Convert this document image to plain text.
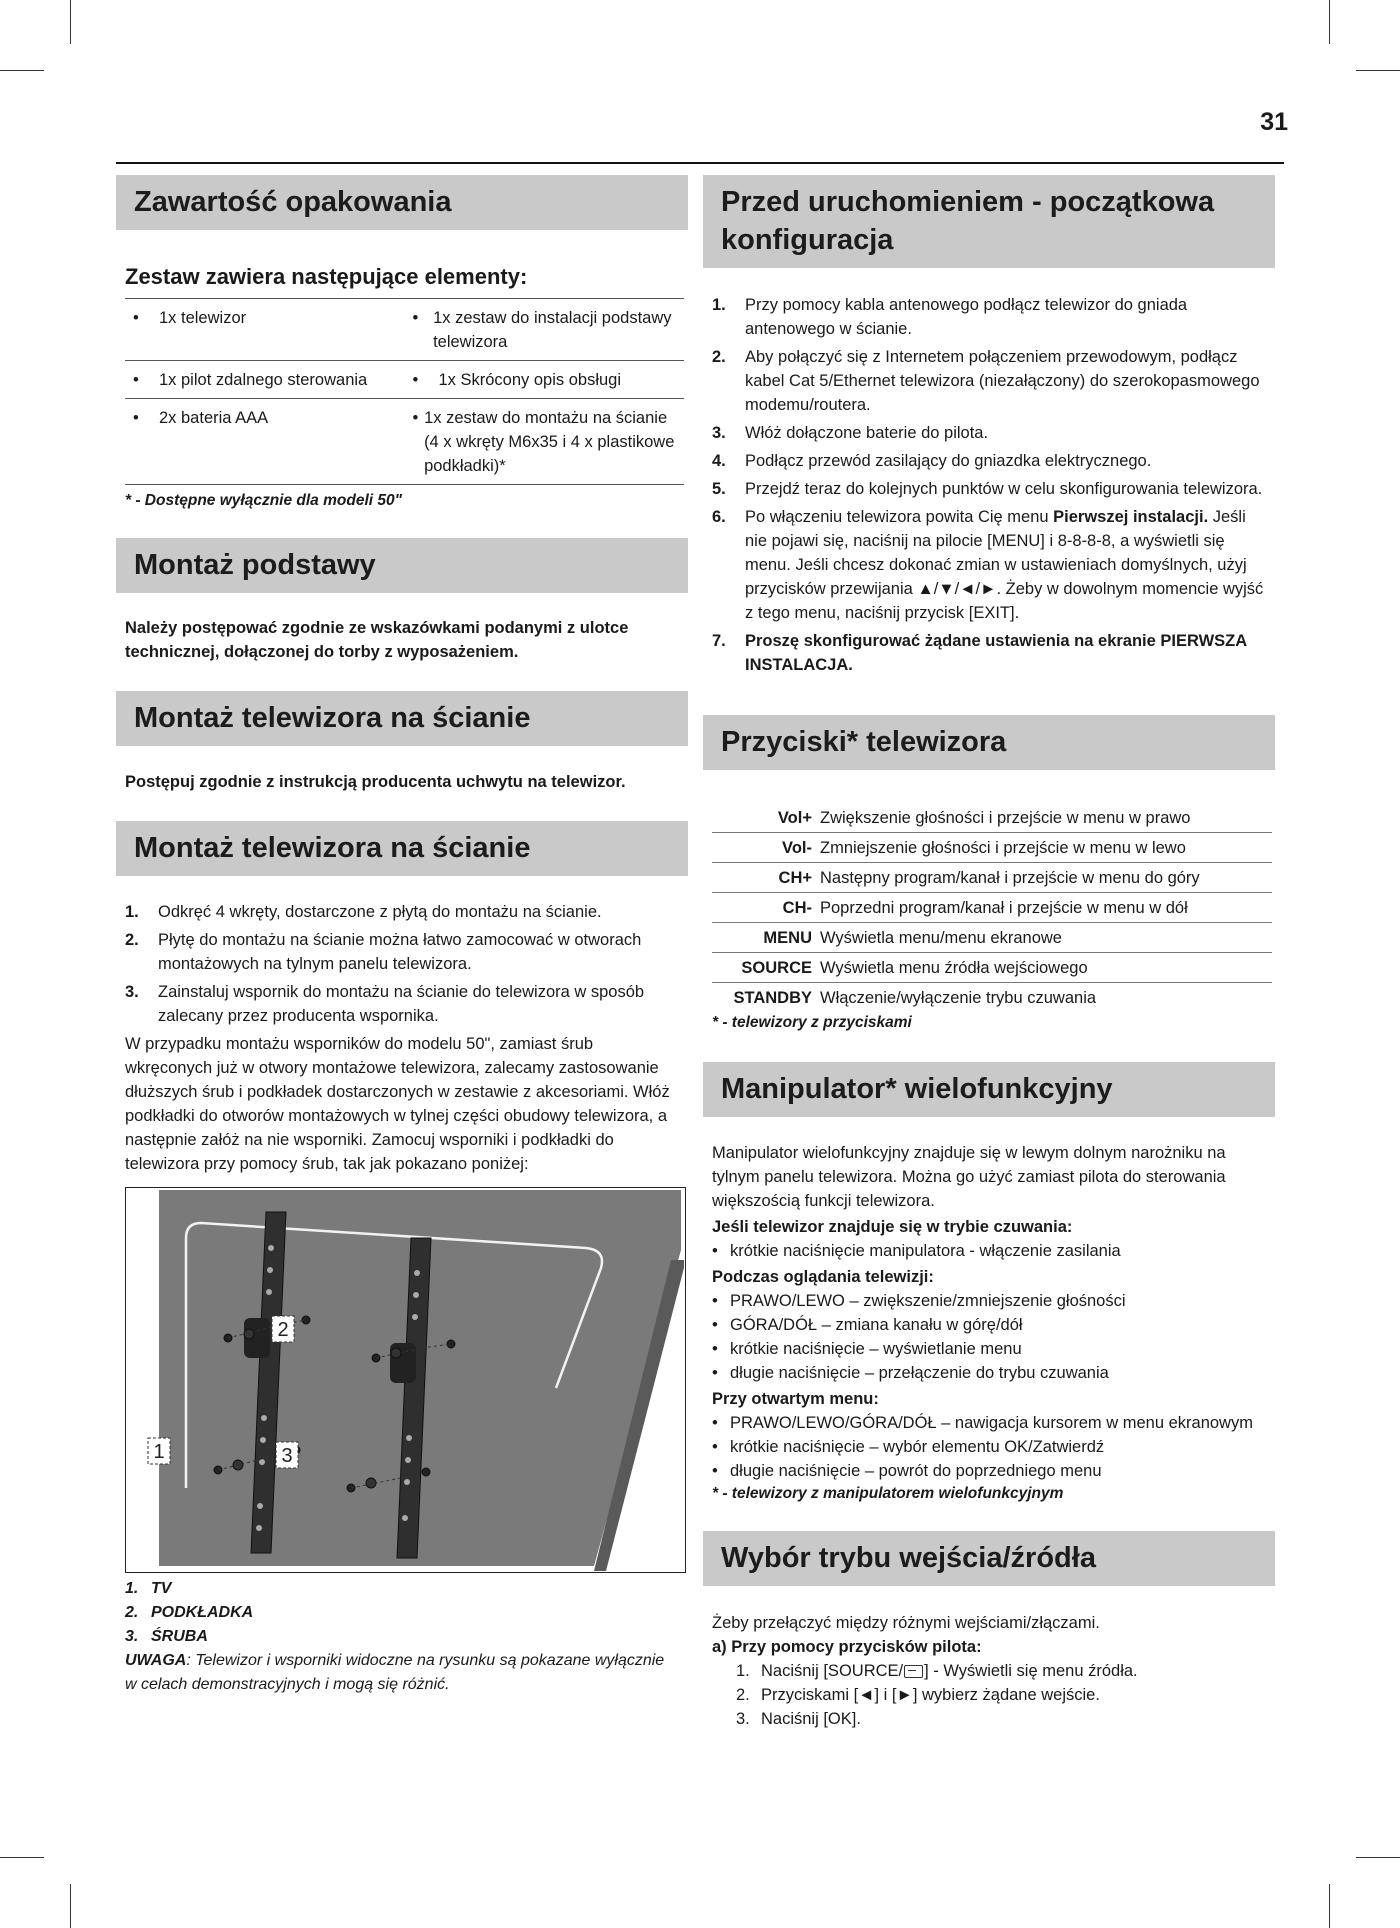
31
Zawartość opakowania
Zestaw zawiera następujące elementy:
• 1x telewizor	• 1x zestaw do instalacji podstawy telewizora

• 1x pilot zdalnego sterowania	• 1x Skrócony opis obsługi

• 2x bateria AAA	• 1x zestaw do montażu na ścianie (4 x wkręty M6x35 i 4 x plastikowe podkładki)*
* - Dostępne wyłącznie dla modeli 50"
Montaż podstawy
Należy postępować zgodnie ze wskazówkami podanymi z ulotce technicznej, dołączonej do torby z wyposażeniem.
Montaż telewizora na ścianie
Postępuj zgodnie z instrukcją producenta uchwytu na telewizor.
Montaż telewizora na ścianie
1.	Odkręć 4 wkręty, dostarczone z płytą do montażu na ścianie.
2.	Płytę do montażu na ścianie można łatwo zamocować w otworach montażowych na tylnym panelu telewizora.
3.	Zainstaluj wspornik do montażu na ścianie do telewizora w sposób zalecany przez producenta wspornika.
W przypadku montażu wsporników do modelu 50", zamiast śrub wkręconych już w otwory montażowe telewizora, zalecamy zastosowanie dłuższych śrub i podkładek dostarczonych w zestawie z akcesoriami. Włóż podkładki do otworów montażowych w tylnej części obudowy telewizora, a następnie załóż na nie wsporniki. Zamocuj wsporniki i podkładki do telewizora przy pomocy śrub, tak jak pokazano poniżej:
2
1	3
1. TV
2. PODKŁADKA
3. ŚRUBA
UWAGA: Telewizor i wsporniki widoczne na rysunku są pokazane wyłącznie w celach demonstracyjnych i mogą się różnić.
Przed uruchomieniem - początkowa konfiguracja
1.	Przy pomocy kabla antenowego podłącz telewizor do gniada antenowego w ścianie.
2.	Aby połączyć się z Internetem połączeniem przewodowym, podłącz kabel Cat 5/Ethernet telewizora (niezałączony) do szerokopasmowego modemu/routera.
3.	Włóż dołączone baterie do pilota.
4.	Podłącz przewód zasilający do gniazdka elektrycznego.
5.	Przejdź teraz do kolejnych punktów w celu skonfigurowania telewizora.
6.	Po włączeniu telewizora powita Cię menu Pierwszej instalacji. Jeśli nie pojawi się, naciśnij na pilocie [MENU] i 8-8-8-8, a wyświetli się menu. Jeśli chcesz dokonać zmian w ustawieniach domyślnych, użyj przycisków przewijania ▲/▼/◄/►. Żeby w dowolnym momencie wyjść z tego menu, naciśnij przycisk [EXIT].
7.	Proszę skonfigurować żądane ustawienia na ekranie PIERWSZA INSTALACJA.
Przyciski* telewizora
Vol+	Zwiększenie głośności i przejście w menu w prawo
Vol-	Zmniejszenie głośności i przejście w menu w lewo
CH+	Następny program/kanał i przejście w menu do góry
CH-	Poprzedni program/kanał i przejście w menu w dół
MENU	Wyświetla menu/menu ekranowe
SOURCE	Wyświetla menu źródła wejściowego
STANDBY	Włączenie/wyłączenie trybu czuwania
* - telewizory z przyciskami
Manipulator* wielofunkcyjny
Manipulator wielofunkcyjny znajduje się w lewym dolnym narożniku na tylnym panelu telewizora. Można go użyć zamiast pilota do sterowania większością funkcji telewizora.
Jeśli telewizor znajduje się w trybie czuwania:
• krótkie naciśnięcie manipulatora - włączenie zasilania
Podczas oglądania telewizji:
• PRAWO/LEWO – zwiększenie/zmniejszenie głośności
• GÓRA/DÓŁ – zmiana kanału w górę/dół
• krótkie naciśnięcie – wyświetlanie menu
• długie naciśnięcie – przełączenie do trybu czuwania
Przy otwartym menu:
• PRAWO/LEWO/GÓRA/DÓŁ – nawigacja kursorem w menu ekranowym
• krótkie naciśnięcie – wybór elementu OK/Zatwierdź
• długie naciśnięcie – powrót do poprzedniego menu
* - telewizory z manipulatorem wielofunkcyjnym
Wybór trybu wejścia/źródła
Żeby przełączyć między różnymi wejściami/złączami.
a) Przy pomocy przycisków pilota:
1. Naciśnij [SOURCE/ ] - Wyświetli się menu źródła.
2. Przyciskami [◄] i [►] wybierz żądane wejście.
3. Naciśnij [OK].
